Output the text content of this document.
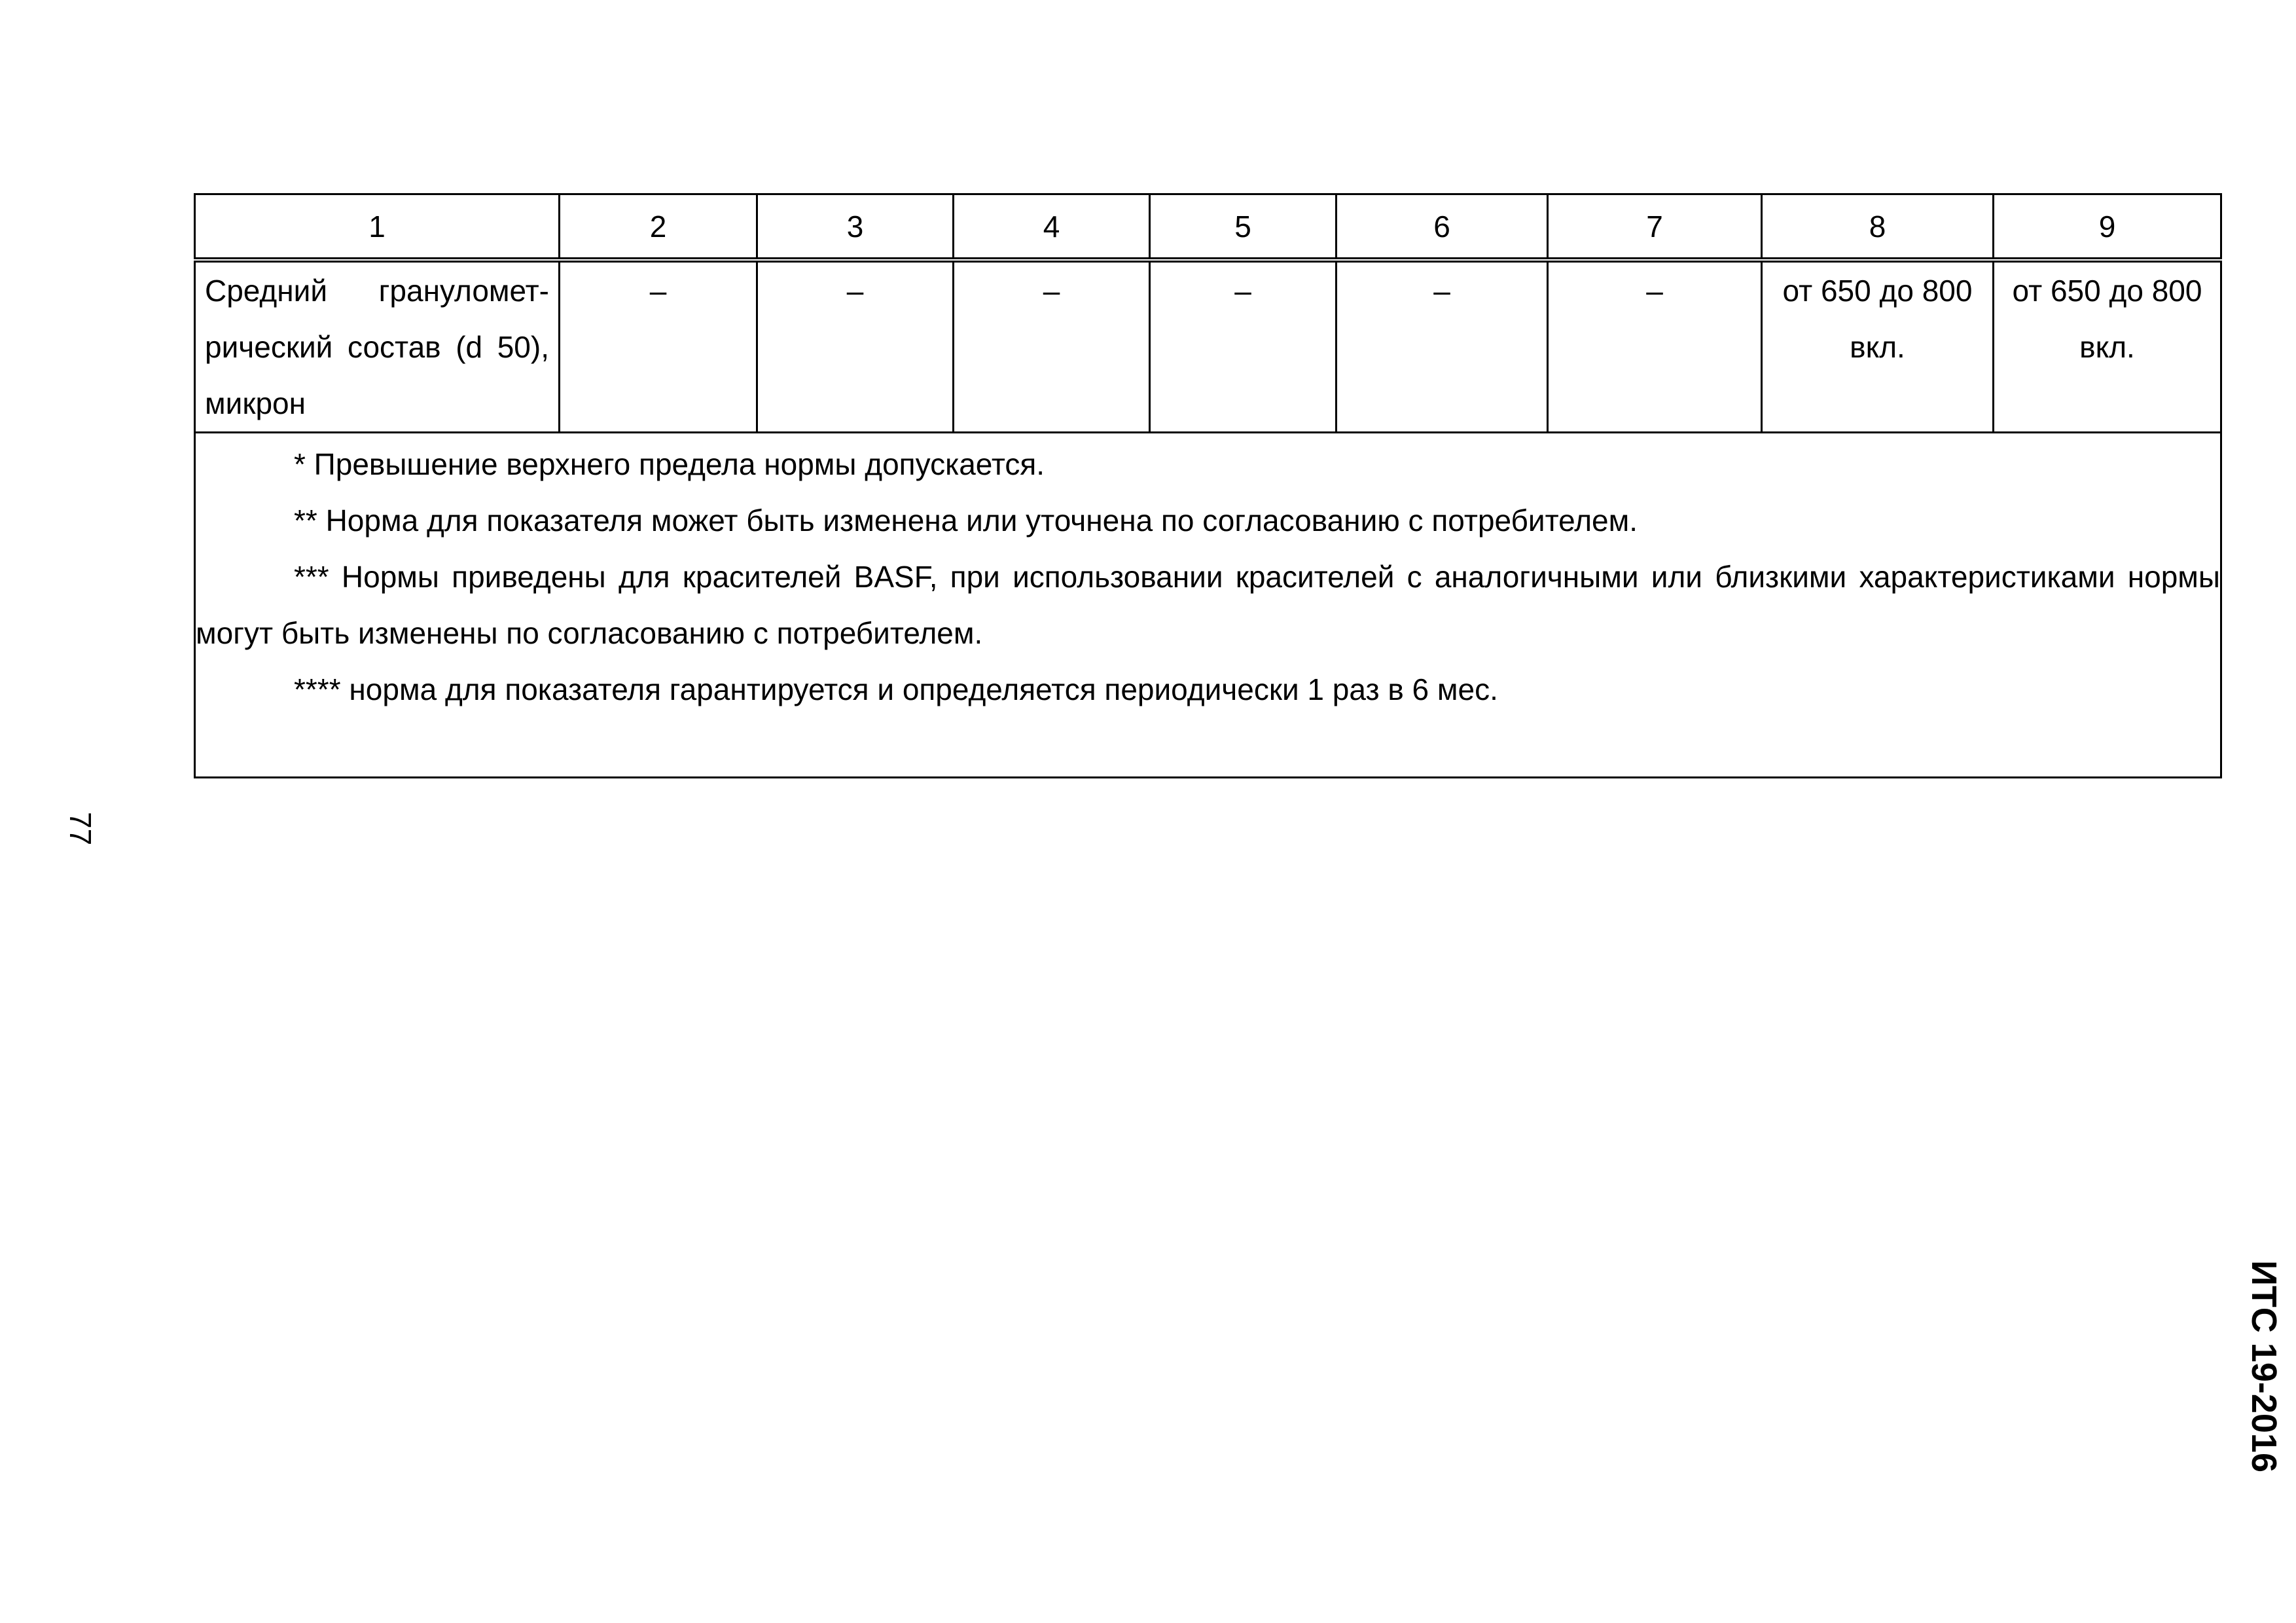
1	2	3	4	5	6	7	8	9

Средний грануломет-
рический состав (d 50),
микрон	–	–	–	–	–	–	от 650 до 800 вкл.	от 650 до 800 вкл.

* Превышение верхнего предела нормы допускается.

** Норма для показателя может быть изменена или уточнена по согласованию с потребителем.

*** Нормы приведены для красителей BASF, при использовании красителей с аналогичными или близкими характеристиками нормы могут быть изменены по согласованию с потребителем.

**** норма для показателя гарантируется и определяется периодически 1 раз в 6 мес.								

77
ИТС 19-2016
